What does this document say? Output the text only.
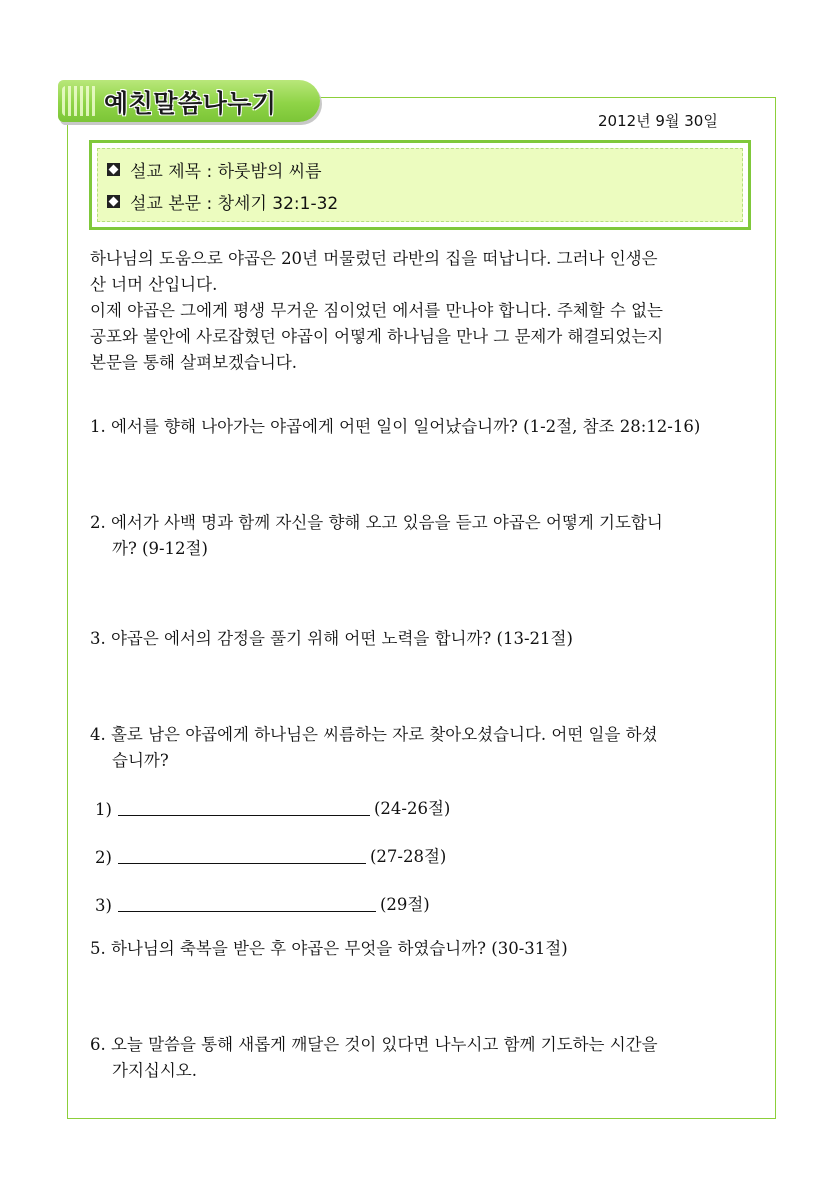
예친말씀나누기
2012년 9월 30일
설교 제목 : 하룻밤의 씨름
설교 본문 : 창세기 32:1-32

하나님의 도움으로 야곱은 20년 머물렀던 라반의 집을 떠납니다. 그러나 인생은

산 너머 산입니다.

이제 야곱은 그에게 평생 무거운 짐이었던 에서를 만나야 합니다. 주체할 수 없는

공포와 불안에 사로잡혔던 야곱이 어떻게 하나님을 만나 그 문제가 해결되었는지

본문을 통해 살펴보겠습니다.

1. 에서를 향해 나아가는 야곱에게 어떤 일이 일어났습니까? (1-2절, 참조 28:12-16)
2. 에서가 사백 명과 함께 자신을 향해 오고 있음을 듣고 야곱은 어떻게 기도합니
까? (9-12절)
3. 야곱은 에서의 감정을 풀기 위해 어떤 노력을 합니까? (13-21절)
4. 홀로 남은 야곱에게 하나님은 씨름하는 자로 찾아오셨습니다. 어떤 일을 하셨
습니까?
1)	(24-26절)
2)	(27-28절)
3)	(29절)
5. 하나님의 축복을 받은 후 야곱은 무엇을 하였습니까? (30-31절)
6. 오늘 말씀을 통해 새롭게 깨달은 것이 있다면 나누시고 함께 기도하는 시간을
가지십시오.
